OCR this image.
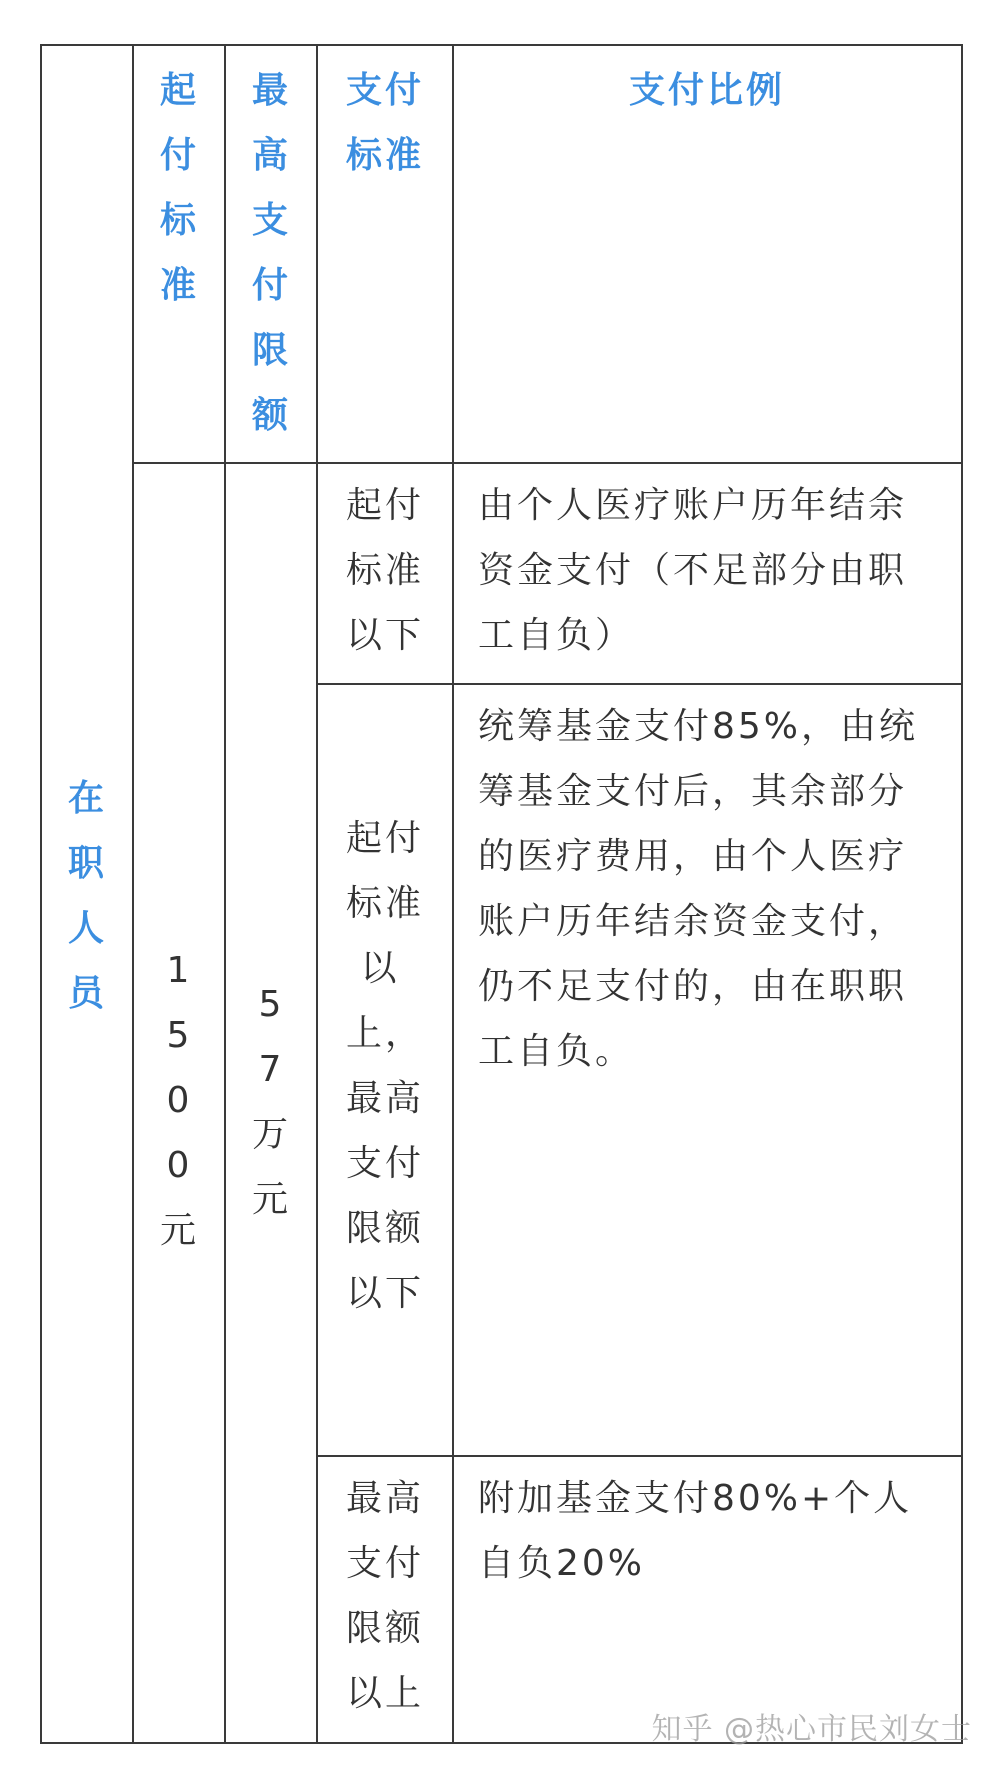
起
付
标
准
最
高
支
付
限
额
支付
标准
支付比例
在
职
人
员
1
5
0
0
元
5
7
万
元
起付
标准
以下
由个人医疗账户历年结余资金支付（不足部分由职工自负）
起付
标准
以
上，
最高
支付
限额
以下
统筹基金支付85%，由统筹基金支付后，其余部分的医疗费用，由个人医疗账户历年结余资金支付，仍不足支付的，由在职职工自负。
最高
支付
限额
以上
附加基金支付80%+个人自负20%
知乎 @热心市民刘女士
